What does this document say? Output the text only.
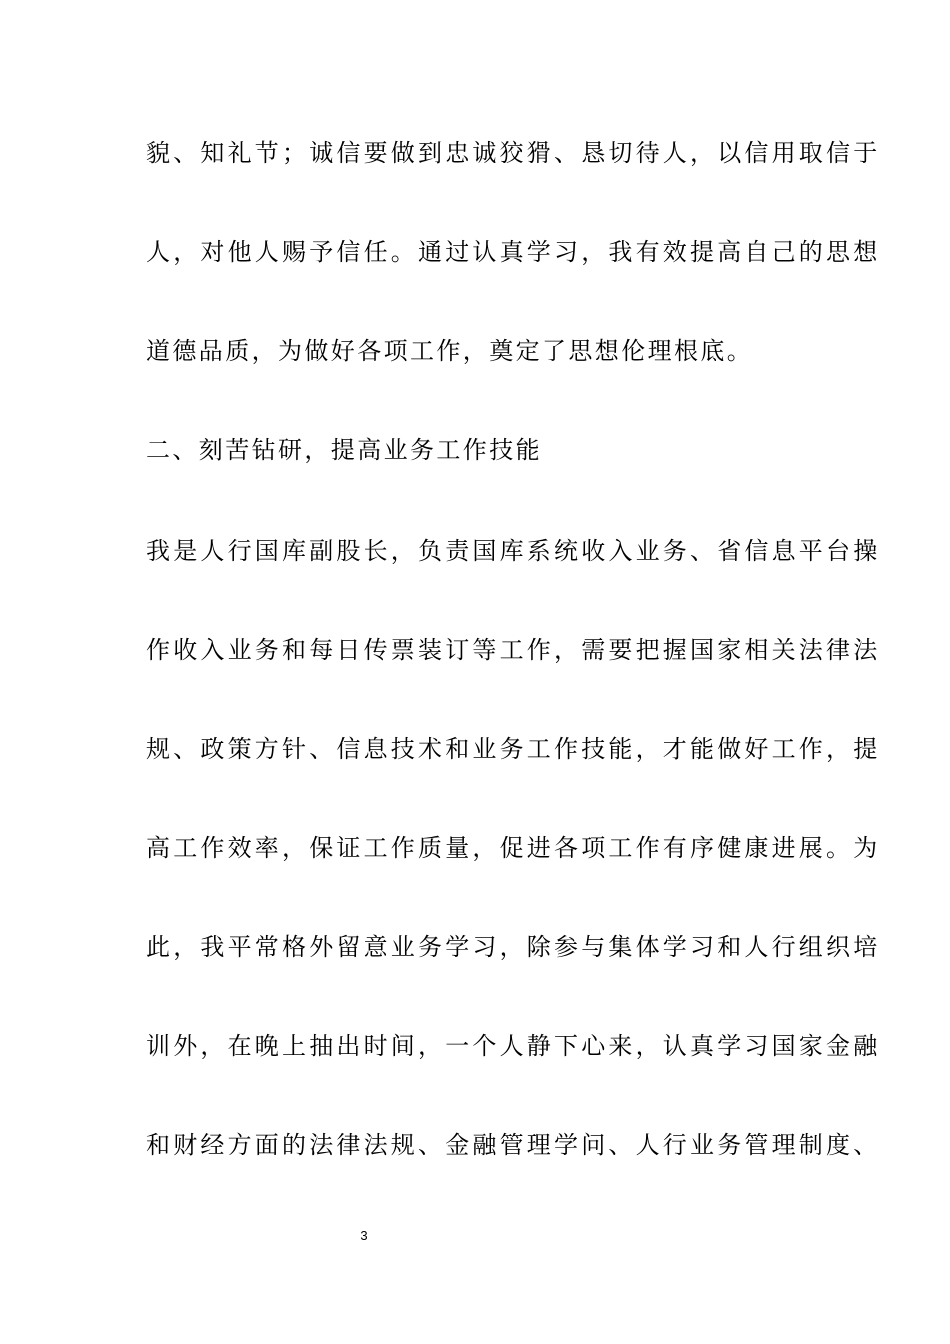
貌、知礼节；诚信要做到忠诚狡猾、恳切待人，以信用取信于
人，对他人赐予信任。通过认真学习，我有效提高自己的思想
道德品质，为做好各项工作，奠定了思想伦理根底。
二、刻苦钻研，提高业务工作技能
我是人行国库副股长，负责国库系统收入业务、省信息平台操
作收入业务和每日传票装订等工作，需要把握国家相关法律法
规、政策方针、信息技术和业务工作技能，才能做好工作，提
高工作效率，保证工作质量，促进各项工作有序健康进展。为
此，我平常格外留意业务学习，除参与集体学习和人行组织培
训外，在晚上抽出时间，一个人静下心来，认真学习国家金融
和财经方面的法律法规、金融管理学问、人行业务管理制度、
3
